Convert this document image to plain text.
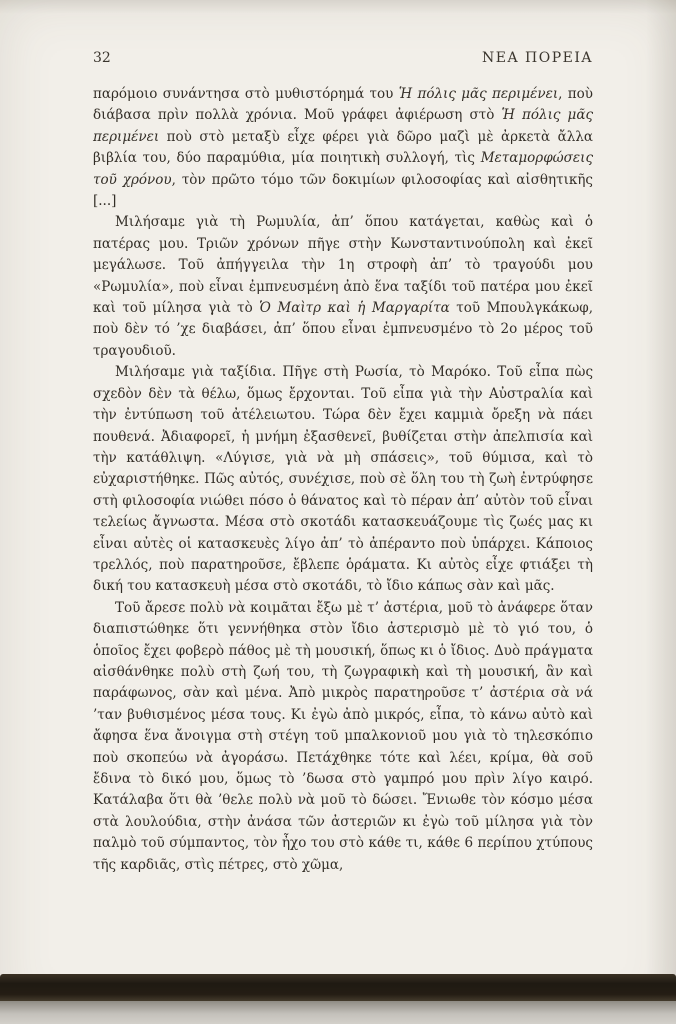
32	ΝΕΑ ΠΟΡΕΙΑ

παρόμοιο συνάντησα στὸ μυθιστόρημά του Ἡ πόλις μᾶς περιμένει, ποὺ διάβασα πρὶν πολλὰ χρόνια. Μοῦ γράφει ἀφιέρωση στὸ Ἡ πόλις μᾶς περιμένει ποὺ στὸ μεταξὺ εἶχε φέρει γιὰ δῶρο μαζὶ μὲ ἀρκετὰ ἄλλα βιβλία του, δύο παραμύθια, μία ποιητικὴ συλλογή, τὶς Μεταμορφώσεις τοῦ χρόνου, τὸν πρῶτο τόμο τῶν δοκιμίων φιλοσοφίας καὶ αἰσθητικῆς [...]

Μιλήσαμε γιὰ τὴ Ρωμυλία, ἀπ’ ὅπου κατάγεται, καθὼς καὶ ὁ πατέρας μου. Τριῶν χρόνων πῆγε στὴν Κωνσταντινούπολη καὶ ἐκεῖ μεγάλωσε. Τοῦ ἀπήγγειλα τὴν 1η στροφὴ ἀπ’ τὸ τραγούδι μου «Ρωμυλία», ποὺ εἶναι ἐμπνευσμένη ἀπὸ ἕνα ταξίδι τοῦ πατέρα μου ἐκεῖ καὶ τοῦ μίλησα γιὰ τὸ Ὁ Μαὶτρ καὶ ἡ Μαργαρίτα τοῦ Μπουλγκάκωφ, ποὺ δὲν τό ’χε διαβάσει, ἀπ’ ὅπου εἶναι ἐμπνευσμένο τὸ 2ο μέρος τοῦ τραγουδιοῦ.

Μιλήσαμε γιὰ ταξίδια. Πῆγε στὴ Ρωσία, τὸ Μαρόκο. Τοῦ εἶπα πὼς σχεδὸν δὲν τὰ θέλω, ὅμως ἔρχονται. Τοῦ εἶπα γιὰ τὴν Αὐστραλία καὶ τὴν ἐντύπωση τοῦ ἀτέλειωτου. Τώρα δὲν ἔχει καμμιὰ ὄρεξη νὰ πάει πουθενά. Ἀδιαφορεῖ, ἡ μνήμη ἐξασθενεῖ, βυθίζεται στὴν ἀπελπισία καὶ τὴν κατάθλιψη. «Λύγισε, γιὰ νὰ μὴ σπάσεις», τοῦ θύμισα, καὶ τὸ εὐχαριστήθηκε. Πῶς αὐτός, συνέχισε, ποὺ σὲ ὅλη του τὴ ζωὴ ἐντρύφησε στὴ φιλοσοφία νιώθει πόσο ὁ θάνατος καὶ τὸ πέραν ἀπ’ αὐτὸν τοῦ εἶναι τελείως ἄγνωστα. Μέσα στὸ σκοτάδι κατασκευάζουμε τὶς ζωές μας κι εἶναι αὐτὲς οἱ κατασκευὲς λίγο ἀπ’ τὸ ἀπέραντο ποὺ ὑπάρχει. Κάποιος τρελλός, ποὺ παρατηροῦσε, ἔβλεπε ὁράματα. Κι αὐτὸς εἶχε φτιάξει τὴ δική του κατασκευὴ μέσα στὸ σκοτάδι, τὸ ἴδιο κάπως σὰν καὶ μᾶς.

Τοῦ ἄρεσε πολὺ νὰ κοιμᾶται ἔξω μὲ τ’ ἀστέρια, μοῦ τὸ ἀνάφερε ὅταν διαπιστώθηκε ὅτι γεννήθηκα στὸν ἴδιο ἀστερισμὸ μὲ τὸ γιό του, ὁ ὁποῖος ἔχει φοβερὸ πάθος μὲ τὴ μουσική, ὅπως κι ὁ ἴδιος. Δυὸ πράγματα αἰσθάνθηκε πολὺ στὴ ζωή του, τὴ ζωγραφικὴ καὶ τὴ μουσική, ἂν καὶ παράφωνος, σὰν καὶ μένα. Ἀπὸ μικρὸς παρατηροῦσε τ’ ἀστέρια σὰ νά ’ταν βυθισμένος μέσα τους. Κι ἐγὼ ἀπὸ μικρός, εἶπα, τὸ κάνω αὐτὸ καὶ ἄφησα ἕνα ἄνοιγμα στὴ στέγη τοῦ μπαλκονιοῦ μου γιὰ τὸ τηλεσκόπιο ποὺ σκοπεύω νὰ ἀγοράσω. Πετάχθηκε τότε καὶ λέει, κρίμα, θὰ σοῦ ἔδινα τὸ δικό μου, ὅμως τὸ ’δωσα στὸ γαμπρό μου πρὶν λίγο καιρό. Κατάλαβα ὅτι θὰ ’θελε πολὺ νὰ μοῦ τὸ δώσει. Ἔνιωθε τὸν κόσμο μέσα στὰ λουλούδια, στὴν ἀνάσα τῶν ἀστεριῶν κι ἐγὼ τοῦ μίλησα γιὰ τὸν παλμὸ τοῦ σύμπαντος, τὸν ἦχο του στὸ κάθε τι, κάθε 6 περίπου χτύπους τῆς καρδιᾶς, στὶς πέτρες, στὸ χῶμα,
